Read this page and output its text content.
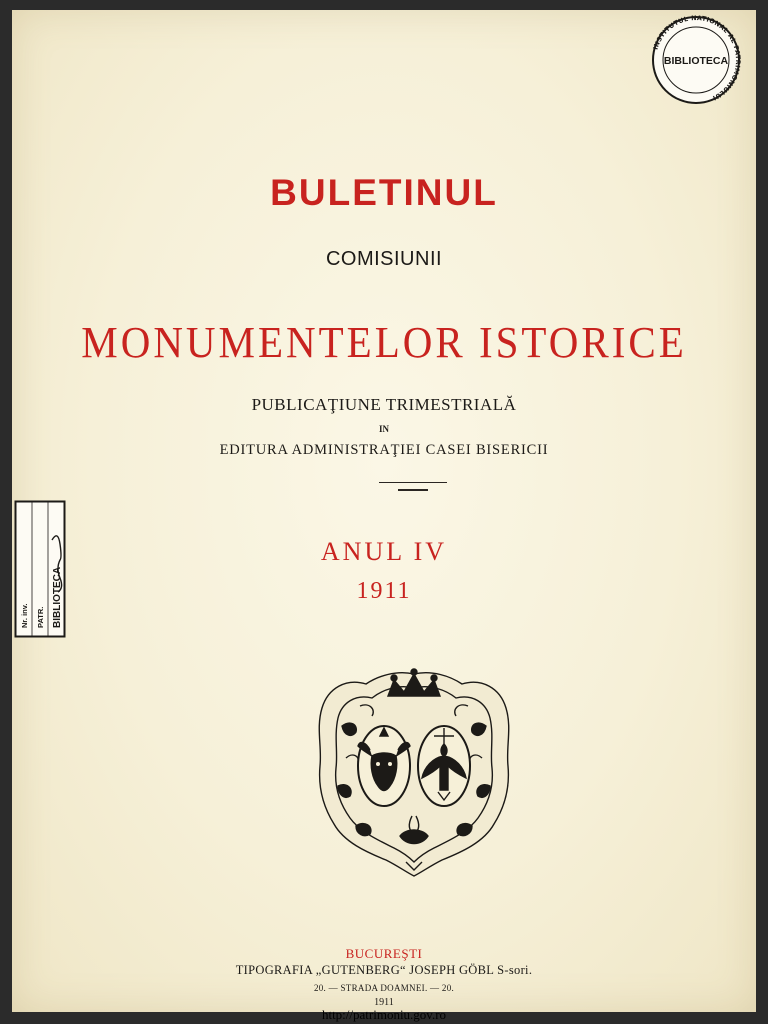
INSTITUTUL NATIONAL AL PATRIMONIULUI
BIBLIOTECA
Nr. inv. PATR. BIBLIOTECA
BULETINUL
COMISIUNII
MONUMENTELOR ISTORICE
PUBLICAŢIUNE TRIMESTRIALĂ
IN
EDITURA ADMINISTRAŢIEI CASEI BISERICII
ANUL IV
1911
BUCUREŞTI
TIPOGRAFIA „GUTENBERG“ JOSEPH GÖBL S-sori.
20. — STRADA DOAMNEI. — 20.
1911
http://patrimoniu.gov.ro
